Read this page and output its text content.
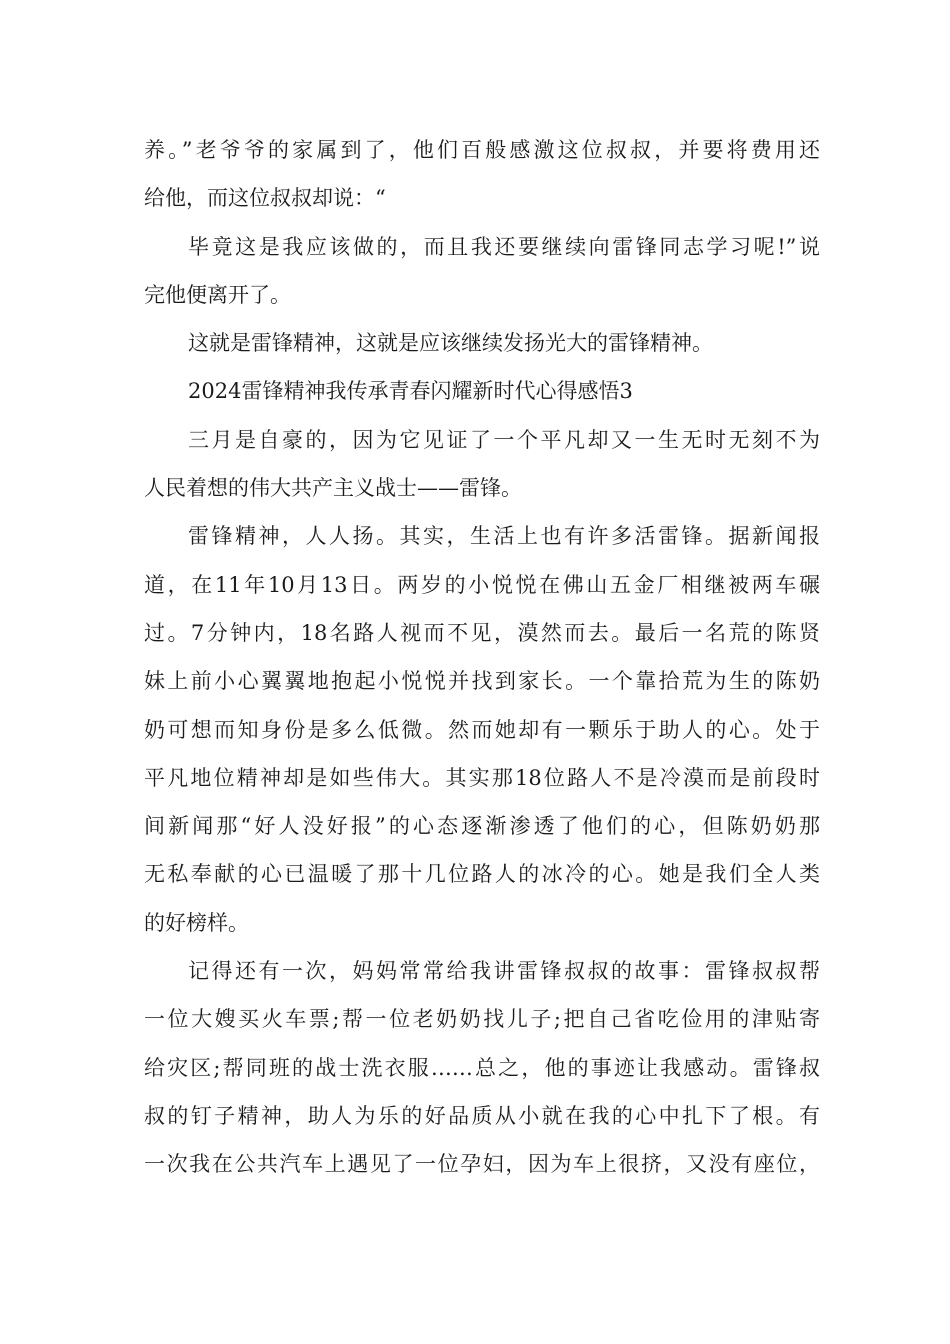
养。”老爷爷的家属到了，他们百般感激这位叔叔，并要将费用还
给他，而这位叔叔却说：“
毕竟这是我应该做的，而且我还要继续向雷锋同志学习呢!”说
完他便离开了。
这就是雷锋精神，这就是应该继续发扬光大的雷锋精神。
2024雷锋精神我传承青春闪耀新时代心得感悟3
三月是自豪的，因为它见证了一个平凡却又一生无时无刻不为
人民着想的伟大共产主义战士——雷锋。
雷锋精神，人人扬。其实，生活上也有许多活雷锋。据新闻报
道，在11年10月13日。两岁的小悦悦在佛山五金厂相继被两车碾
过。7分钟内，18名路人视而不见，漠然而去。最后一名荒的陈贤
妹上前小心翼翼地抱起小悦悦并找到家长。一个靠拾荒为生的陈奶
奶可想而知身份是多么低微。然而她却有一颗乐于助人的心。处于
平凡地位精神却是如些伟大。其实那18位路人不是冷漠而是前段时
间新闻那“好人没好报”的心态逐渐渗透了他们的心，但陈奶奶那
无私奉献的心已温暖了那十几位路人的冰冷的心。她是我们全人类
的好榜样。
记得还有一次，妈妈常常给我讲雷锋叔叔的故事：雷锋叔叔帮
一位大嫂买火车票;帮一位老奶奶找儿子;把自己省吃俭用的津贴寄
给灾区;帮同班的战士洗衣服……总之，他的事迹让我感动。雷锋叔
叔的钉子精神，助人为乐的好品质从小就在我的心中扎下了根。有
一次我在公共汽车上遇见了一位孕妇，因为车上很挤，又没有座位，
